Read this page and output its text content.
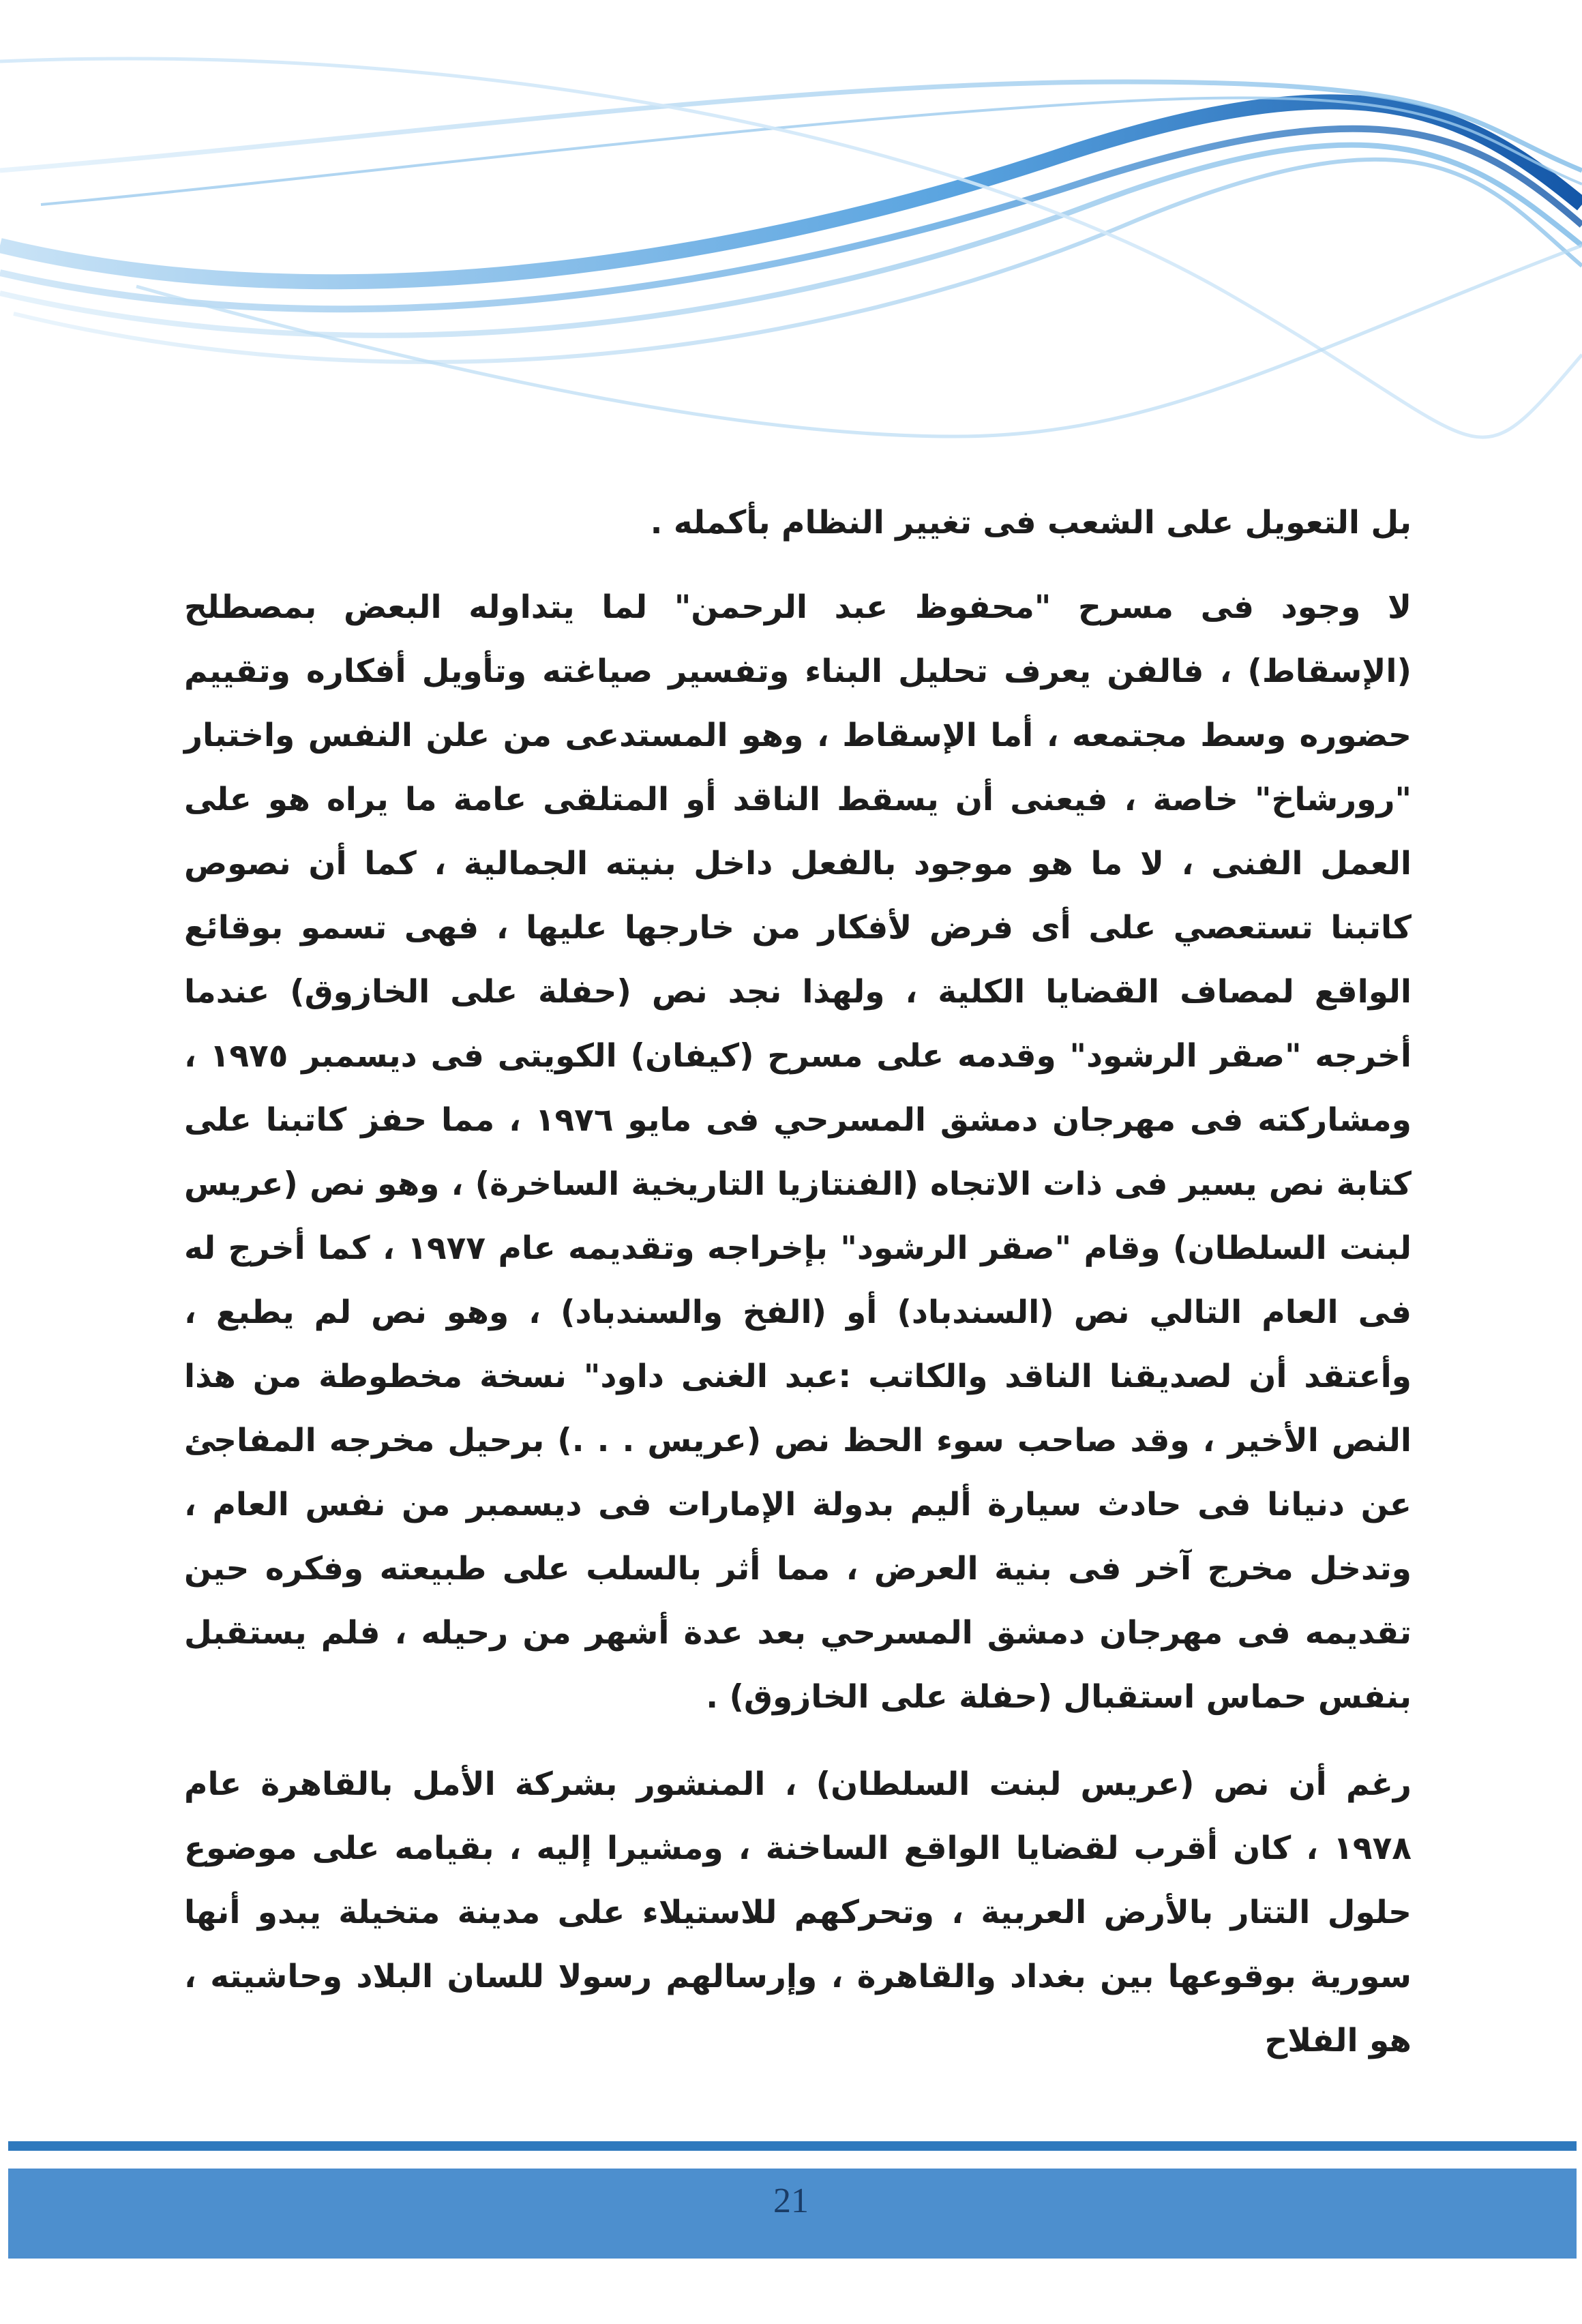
بل التعويل على الشعب فى تغيير النظام بأكمله .

لا وجود فى مسرح "محفوظ عبد الرحمن" لما يتداوله البعض بمصطلح (الإسقاط) ، فالفن يعرف تحليل البناء وتفسير صياغته وتأويل أفكاره وتقييم حضوره وسط مجتمعه ، أما الإسقاط ، وهو المستدعى من علن النفس واختبار "رورشاخ" خاصة ، فيعنى أن يسقط الناقد أو المتلقى عامة ما يراه هو على العمل الفنى ، لا ما هو موجود بالفعل داخل بنيته الجمالية ، كما أن نصوص كاتبنا تستعصي على أى فرض لأفكار من خارجها عليها ، فهى تسمو بوقائع الواقع لمصاف القضايا الكلية ، ولهذا نجد نص (حفلة على الخازوق) عندما أخرجه "صقر الرشود" وقدمه على مسرح (كيفان) الكويتى فى ديسمبر ١٩٧٥ ، ومشاركته فى مهرجان دمشق المسرحي فى مايو ١٩٧٦ ، مما حفز كاتبنا على كتابة نص يسير فى ذات الاتجاه (الفنتازيا التاريخية الساخرة) ، وهو نص (عريس لبنت السلطان) وقام "صقر الرشود" بإخراجه وتقديمه عام ١٩٧٧ ، كما أخرج له فى العام التالي نص (السندباد) أو (الفخ والسندباد) ، وهو نص لم يطبع ، وأعتقد أن لصديقنا الناقد والكاتب :عبد الغنى داود" نسخة مخطوطة من هذا النص الأخير ، وقد صاحب سوء الحظ نص (عريس . . .) برحيل مخرجه المفاجئ عن دنيانا فى حادث سيارة أليم بدولة الإمارات فى ديسمبر من نفس العام ، وتدخل مخرج آخر فى بنية العرض ، مما أثر بالسلب على طبيعته وفكره حين تقديمه فى مهرجان دمشق المسرحي بعد عدة أشهر من رحيله ، فلم يستقبل بنفس حماس استقبال (حفلة على الخازوق) .

رغم أن نص (عريس لبنت السلطان) ، المنشور بشركة الأمل بالقاهرة عام ١٩٧٨ ، كان أقرب لقضايا الواقع الساخنة ، ومشيرا إليه ، بقيامه على موضوع حلول التتار بالأرض العربية ، وتحركهم للاستيلاء على مدينة متخيلة يبدو أنها سورية بوقوعها بين بغداد والقاهرة ، وإرسالهم رسولا للسان البلاد وحاشيته ، هو الفلاح

21
